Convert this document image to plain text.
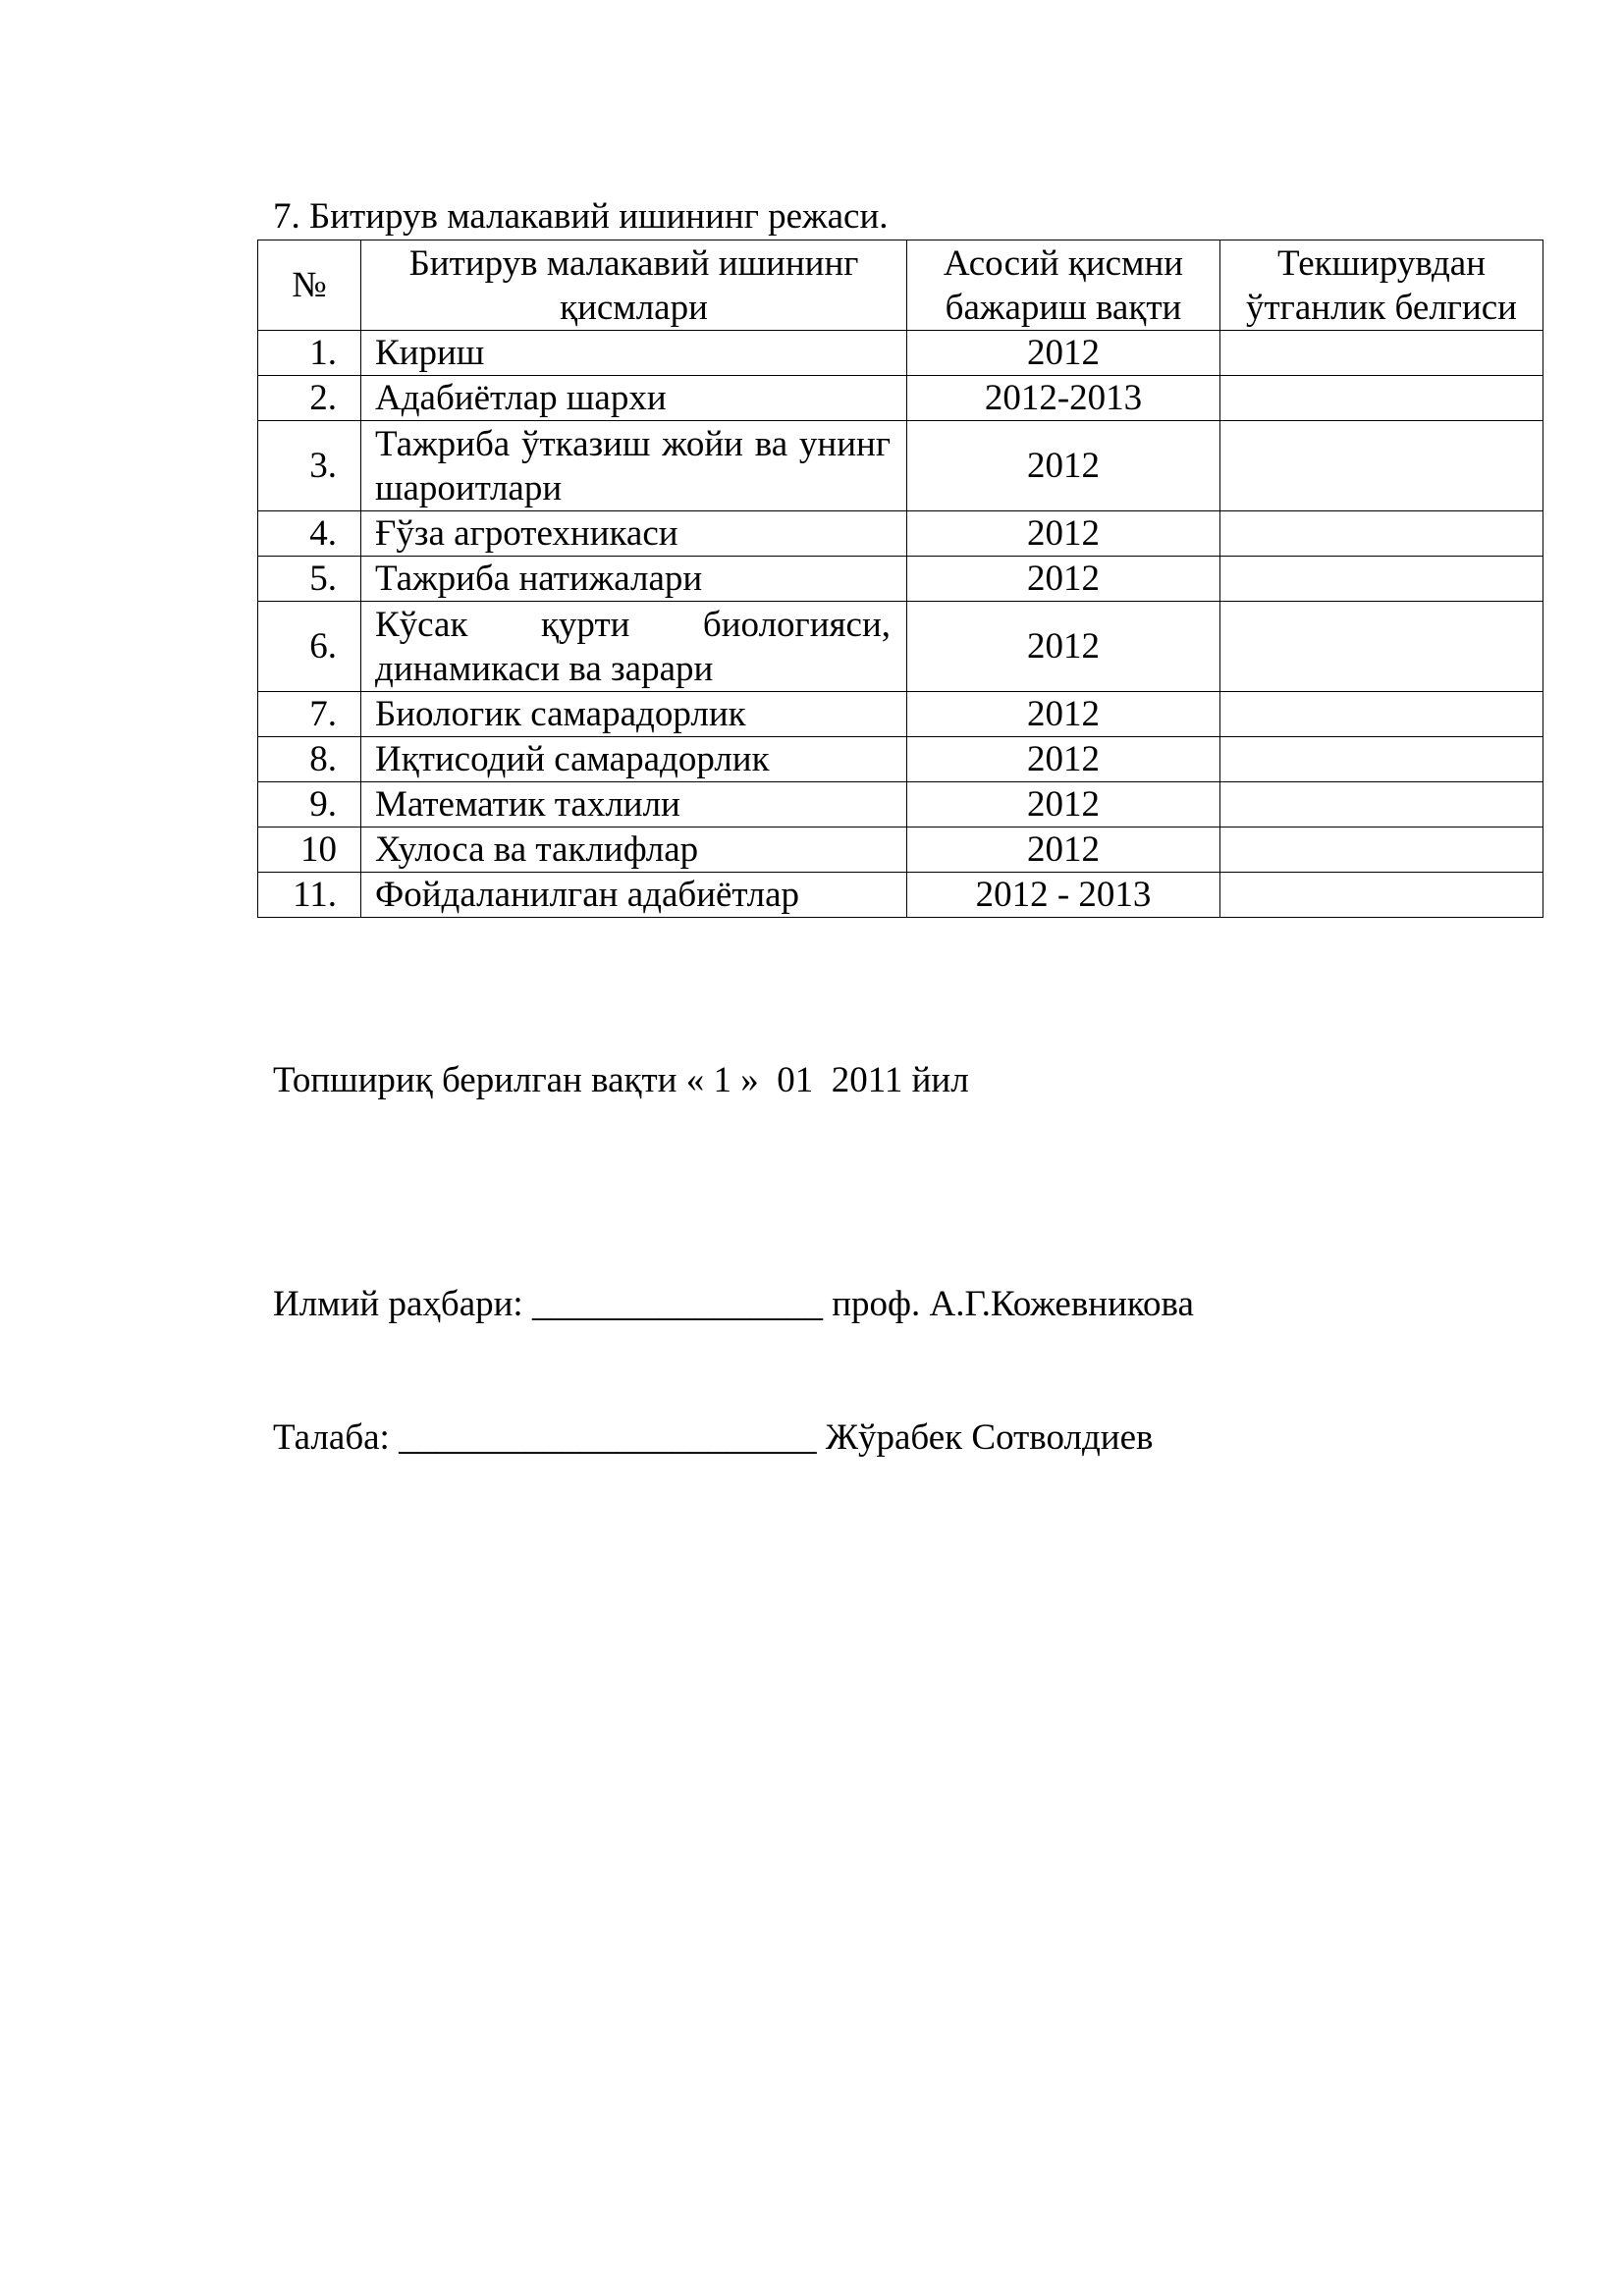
7. Битирув малакавий ишининг режаси.
№	Битирув малакавий ишининг қисмлари	Асосий қисмни бажариш вақти	Текширувдан ўтганлик белгиси
1.	Кириш	2012	
2.	Адабиётлар шархи	2012-2013	
3.	Тажриба ўтказиш жойи ва унинг шароитлари	2012	
4.	Ғўза агротехникаси	2012	
5.	Тажриба натижалари	2012	
6.	Кўсак қурти биологияси, динамикаси ва зарари	2012	
7.	Биологик самарадорлик	2012	
8.	Иқтисодий самарадорлик	2012	
9.	Математик тахлили	2012	
10	Хулоса ва таклифлар	2012	
11.	Фойдаланилган адабиётлар	2012 - 2013	
Топшириқ берилган вақти « 1 »  01  2011 йил
Илмий раҳбари: ________________ проф. А.Г.Кожевникова
Талаба: _______________________ Жўрабек Сотволдиев
